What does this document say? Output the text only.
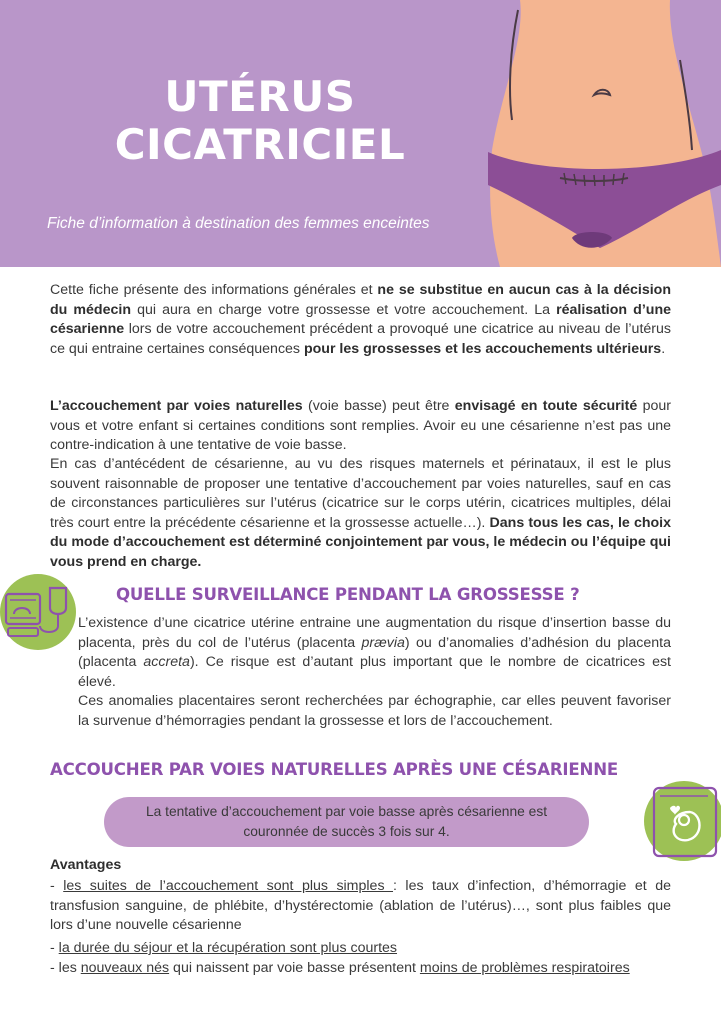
UTÉRUS
CICATRICIEL
Fiche d’information à destination des femmes enceintes

Cette fiche présente des informations générales et ne se substitue en aucun cas à la décision du médecin qui aura en charge votre grossesse et votre accouchement. La réalisation d’une césarienne lors de votre accouchement précédent a provoqué une cicatrice au niveau de l’utérus ce qui entraine certaines conséquences pour les grossesses et les accouchements ultérieurs.

L’accouchement par voies naturelles (voie basse) peut être envisagé en toute sécurité pour vous et votre enfant si certaines conditions sont remplies. Avoir eu une césarienne n’est pas une contre-indication à une tentative de voie basse.

En cas d’antécédent de césarienne, au vu des risques maternels et périnataux, il est le plus souvent raisonnable de proposer une tentative d’accouchement par voies naturelles, sauf en cas de circonstances particulières sur l’utérus (cicatrice sur le corps utérin, cicatrices multiples, délai très court entre la précédente césarienne et la grossesse actuelle…). Dans tous les cas, le choix du mode d’accouchement est déterminé conjointement par vous, le médecin ou l’équipe qui vous prend en charge.

QUELLE SURVEILLANCE PENDANT LA GROSSESSE ?

L’existence d’une cicatrice utérine entraine une augmentation du risque d’insertion basse du placenta, près du col de l’utérus (placenta prævia) ou d’anomalies d’adhésion du placenta (placenta accreta). Ce risque est d’autant plus important que le nombre de cicatrices est élevé.

Ces anomalies placentaires seront recherchées par échographie, car elles peuvent favoriser la survenue d’hémorragies pendant la grossesse et lors de l’accouchement.

ACCOUCHER PAR VOIES NATURELLES APRÈS UNE CÉSARIENNE

La tentative d’accouchement par voie basse après césarienne est couronnée de succès 3 fois sur 4.

Avantages

- les suites de l’accouchement sont plus simples : les taux d’infection, d’hémorragie et de transfusion sanguine, de phlébite, d’hystérectomie (ablation de l’utérus)…, sont plus faibles que lors d’une nouvelle césarienne

- la durée du séjour et la récupération sont plus courtes

- les nouveaux nés qui naissent par voie basse présentent moins de problèmes respiratoires
